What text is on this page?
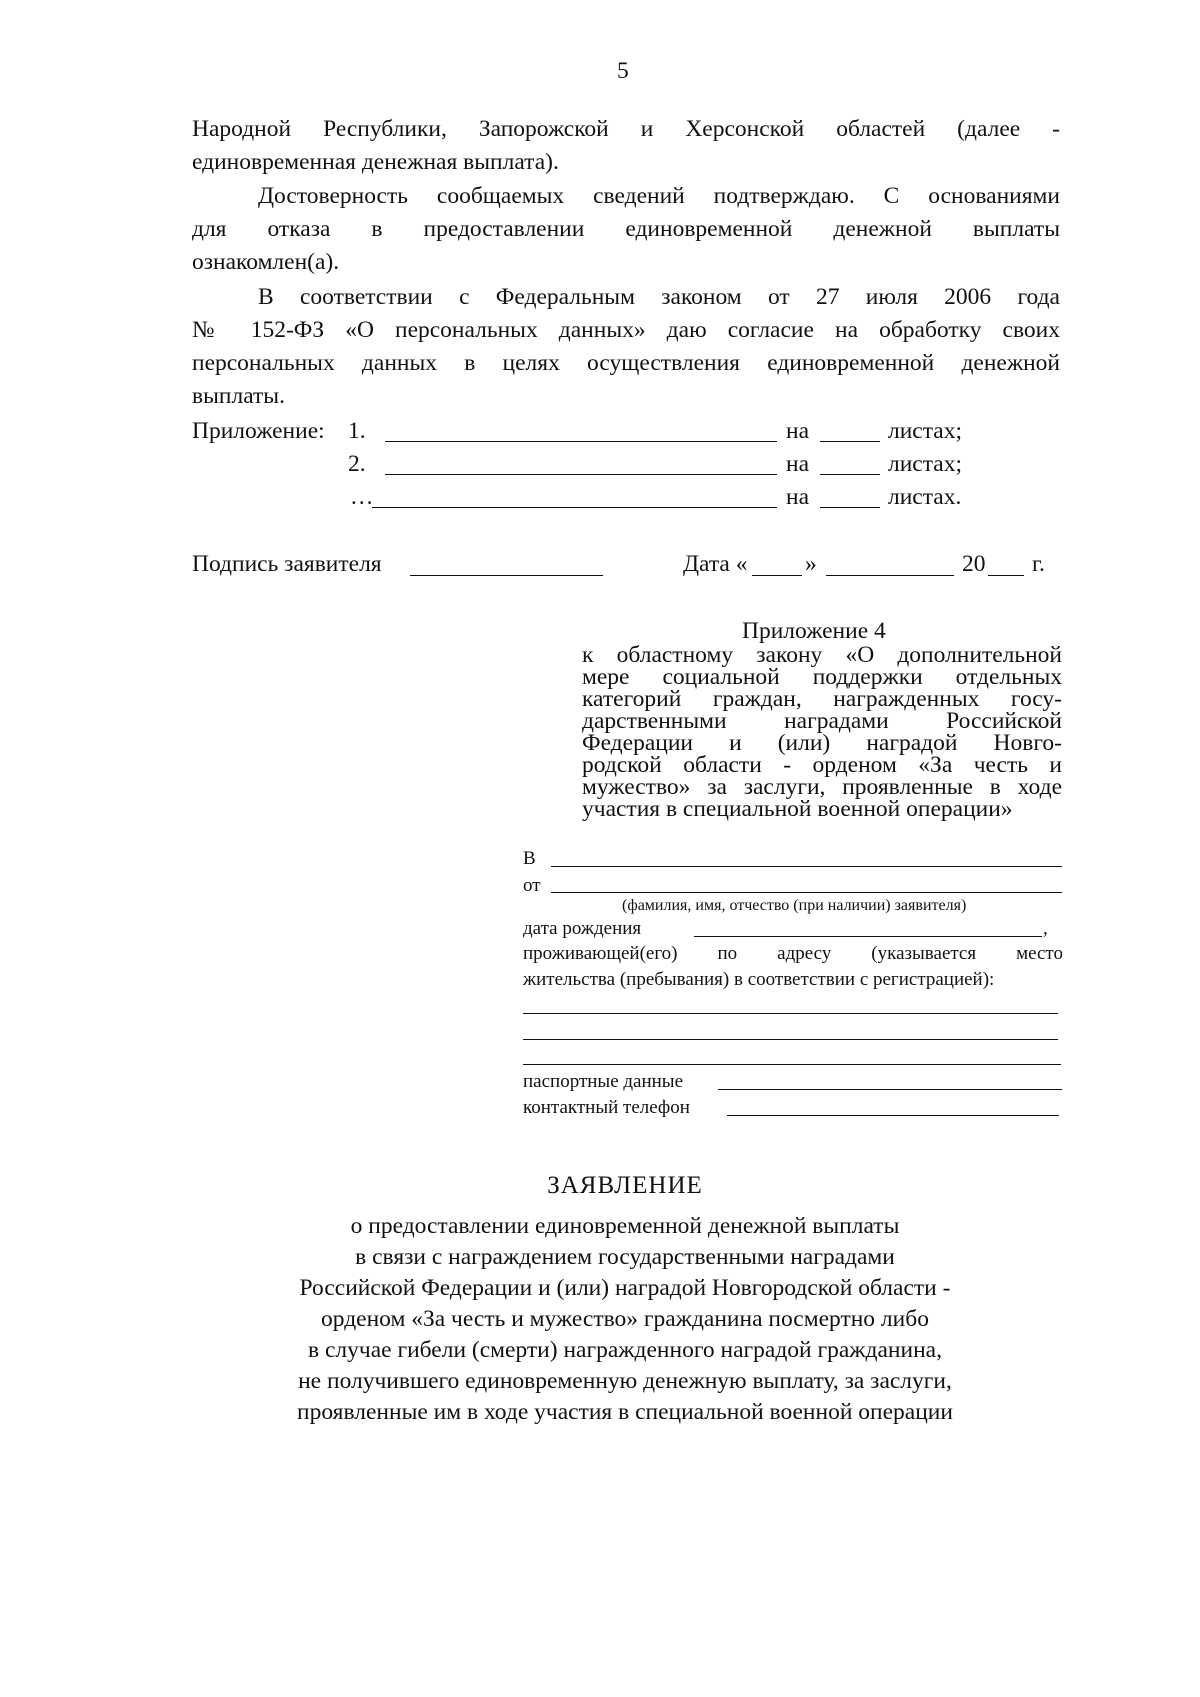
5
Народной Республики, Запорожской и Херсонской областей (далее -
единовременная денежная выплата).
Достоверность сообщаемых сведений подтверждаю. С основаниями
для отказа в предоставлении единовременной денежной выплаты
ознакомлен(а).
В соответствии с Федеральным законом от 27 июля 2006 года
№ 152-ФЗ «О персональных данных» даю согласие на обработку своих
персональных данных в целях осуществления единовременной денежной
выплаты.
Приложение: 1.	на	листах;
2.	на	листах;
…	на	листах.
Подпись заявителя	Дата « »	20 г.
Приложение 4
к областному закону «О дополнительной
мере социальной поддержки отдельных
категорий граждан, награжденных госу-
дарственными наградами Российской
Федерации и (или) наградой Новго-
родской области - орденом «За честь и
мужество» за заслуги, проявленные в ходе
участия в специальной военной операции»
В
от
(фамилия, имя, отчество (при наличии) заявителя)
дата рождения	,
проживающей(его) по адресу (указывается место
жительства (пребывания) в соответствии с регистрацией):
паспортные данные
контактный телефон
ЗАЯВЛЕНИЕ
о предоставлении единовременной денежной выплаты
в связи с награждением государственными наградами
Российской Федерации и (или) наградой Новгородской области -
орденом «За честь и мужество» гражданина посмертно либо
в случае гибели (смерти) награжденного наградой гражданина,
не получившего единовременную денежную выплату, за заслуги,
проявленные им в ходе участия в специальной военной операции
